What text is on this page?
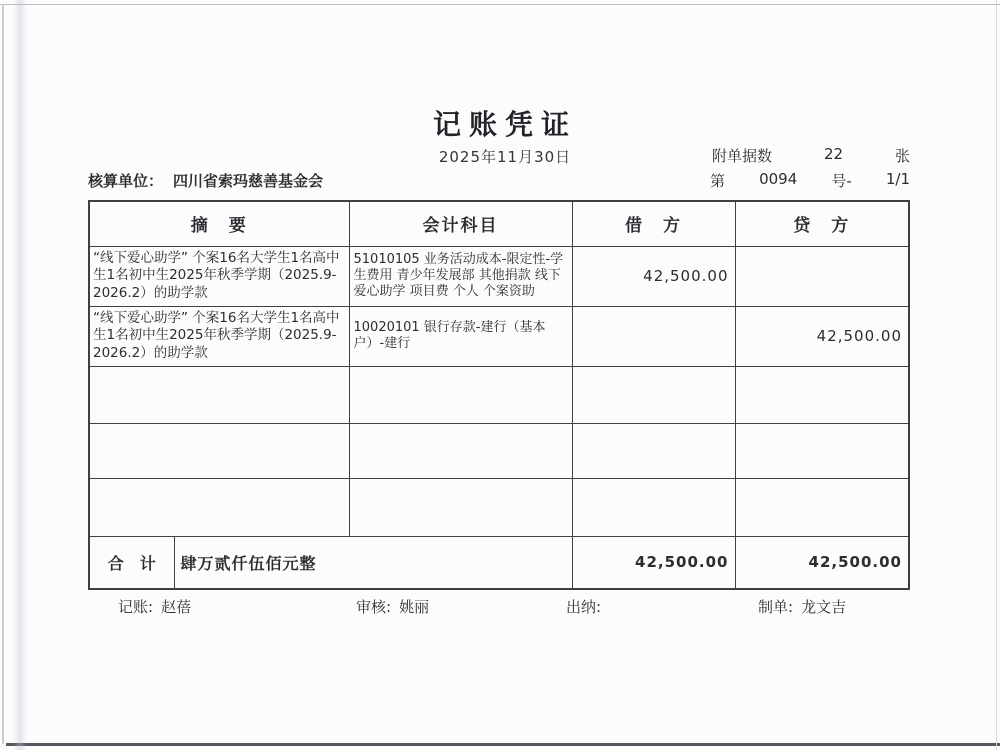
记账凭证
2025年11月30日	附单据数	22	张
第 0094 号- 1/1
核算单位： 四川省索玛慈善基金会
摘　要		会计科目	借　方	贷　方
“线下爱心助学” 个案16名大学生1名高中生1名初中生2025年秋季学期（2025.9-2026.2）的助学款		51010105 业务活动成本-限定性-学生费用 青少年发展部 其他捐款 线下爱心助学 项目费 个人 个案资助	42,500.00	
“线下爱心助学” 个案16名大学生1名高中生1名初中生2025年秋季学期（2025.9-2026.2）的助学款		10020101 银行存款-建行（基本户）-建行		42,500.00

合　计	肆万贰仟伍佰元整		42,500.00	42,500.00
记账: 赵蓓	审核: 姚丽	出纳:	制单: 龙文吉
